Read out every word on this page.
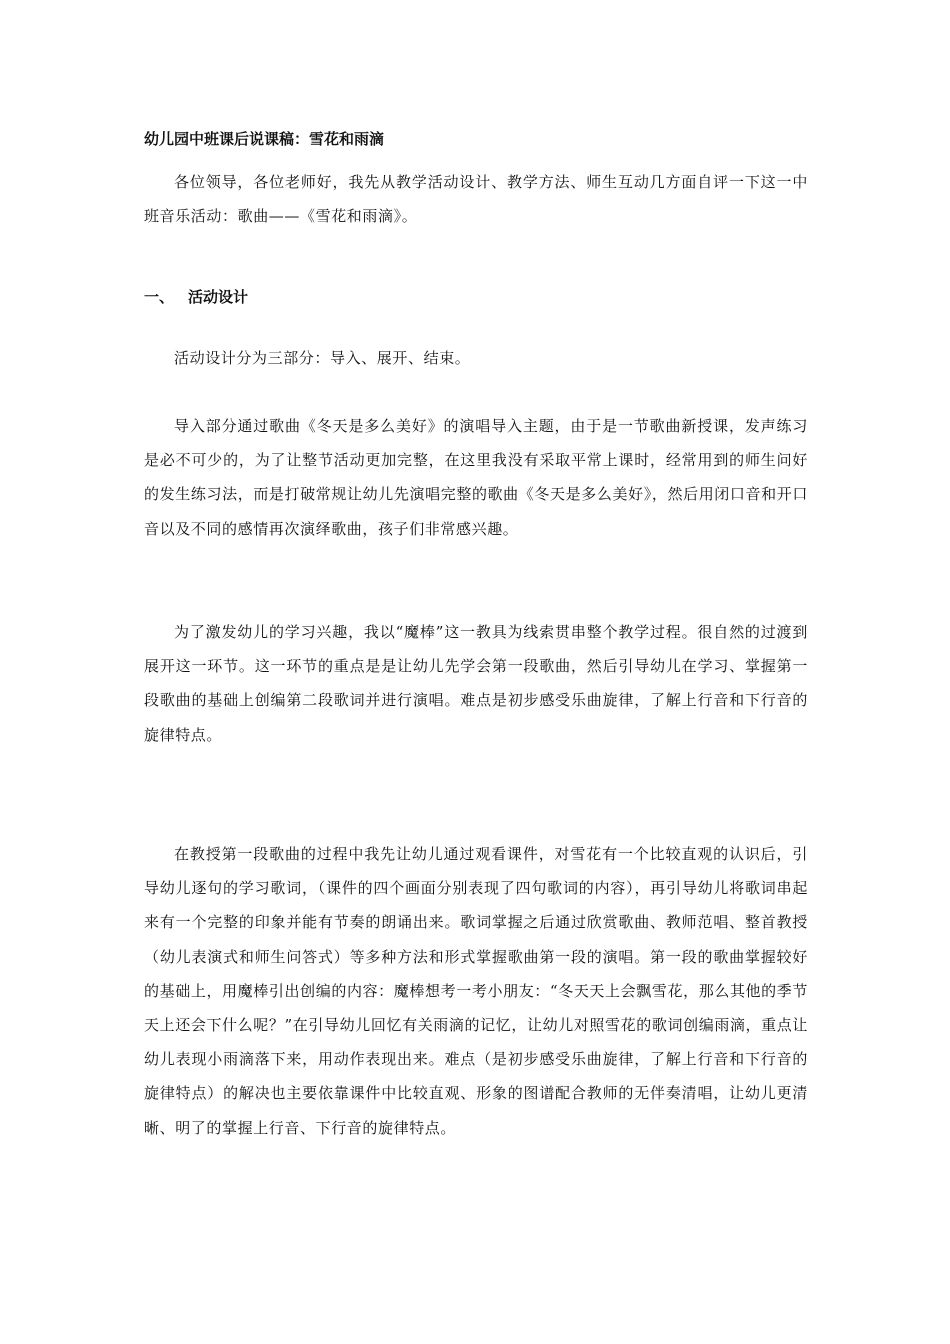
幼儿园中班课后说课稿：雪花和雨滴
各位领导，各位老师好，我先从教学活动设计、教学方法、师生互动几方面自评一下这一中班音乐活动：歌曲——《雪花和雨滴》。
一、 活动设计
活动设计分为三部分：导入、展开、结束。
导入部分通过歌曲《冬天是多么美好》的演唱导入主题，由于是一节歌曲新授课，发声练习是必不可少的，为了让整节活动更加完整，在这里我没有采取平常上课时，经常用到的师生问好的发生练习法，而是打破常规让幼儿先演唱完整的歌曲《冬天是多么美好》，然后用闭口音和开口音以及不同的感情再次演绎歌曲，孩子们非常感兴趣。
为了激发幼儿的学习兴趣，我以“魔棒”这一教具为线索贯串整个教学过程。很自然的过渡到展开这一环节。这一环节的重点是是让幼儿先学会第一段歌曲，然后引导幼儿在学习、掌握第一段歌曲的基础上创编第二段歌词并进行演唱。难点是初步感受乐曲旋律，了解上行音和下行音的旋律特点。
在教授第一段歌曲的过程中我先让幼儿通过观看课件，对雪花有一个比较直观的认识后，引导幼儿逐句的学习歌词，（课件的四个画面分别表现了四句歌词的内容），再引导幼儿将歌词串起来有一个完整的印象并能有节奏的朗诵出来。歌词掌握之后通过欣赏歌曲、教师范唱、整首教授（幼儿表演式和师生问答式）等多种方法和形式掌握歌曲第一段的演唱。第一段的歌曲掌握较好的基础上，用魔棒引出创编的内容：魔棒想考一考小朋友：“冬天天上会飘雪花，那么其他的季节天上还会下什么呢？”在引导幼儿回忆有关雨滴的记忆，让幼儿对照雪花的歌词创编雨滴，重点让幼儿表现小雨滴落下来，用动作表现出来。难点（是初步感受乐曲旋律，了解上行音和下行音的旋律特点）的解决也主要依靠课件中比较直观、形象的图谱配合教师的无伴奏清唱，让幼儿更清晰、明了的掌握上行音、下行音的旋律特点。
